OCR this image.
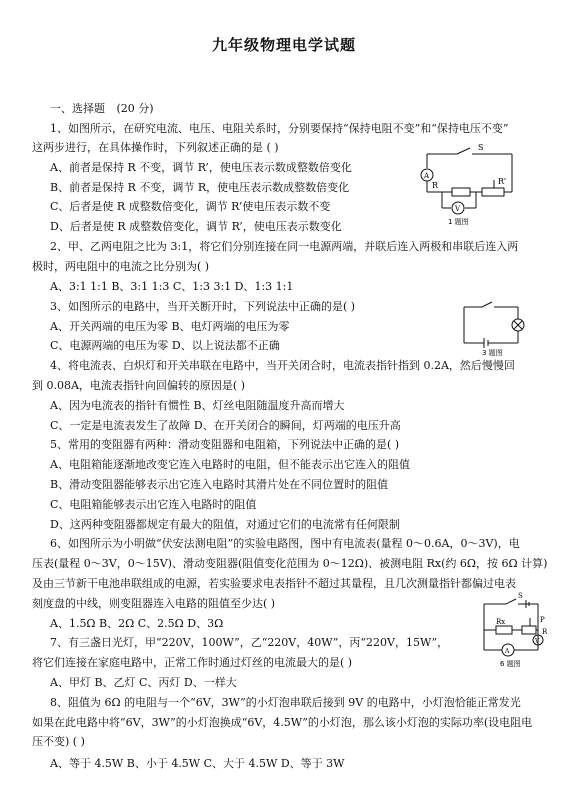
九年级物理电学试题
一、选择题 (20 分)
1、如图所示，在研究电流、电压、电阻关系时，分别要保持“保持电阻不变”和“保持电压不变”
这两步进行，在具体操作时，下列叙述正确的是 ( )
A、前者是保持 R 不变，调节 R’，使电压表示数成整数倍变化
B、前者是保持 R 不变，调节 R，使电压表示数成整数倍变化
C、后者是使 R 成整数倍变化，调节 R’使电压表示数不变
D、后者是使 R 成整数倍变化，调节 R’，使电压表示数变化
2、甲、乙两电阻之比为 3:1，将它们分别连接在同一电源两端，并联后连入两极和串联后连入两
极时，两电阻中的电流之比分别为( )
A、3:1 1:1 B、3:1 1:3 C、1:3 3:1 D、1:3 1:1
3、如图所示的电路中，当开关断开时，下列说法中正确的是( )
A、开关两端的电压为零 B、电灯两端的电压为零
C、电源两端的电压为零 D、以上说法都不正确
4、将电流表、白炽灯和开关串联在电路中，当开关闭合时，电流表指针指到 0.2A，然后慢慢回
到 0.08A，电流表指针向回偏转的原因是( )
A、因为电流表的指针有惯性 B、灯丝电阻随温度升高而增大
C、一定是电流表发生了故障 D、在开关闭合的瞬间，灯两端的电压升高
5、常用的变阻器有两种：滑动变阻器和电阻箱，下列说法中正确的是( )
A、电阻箱能逐渐地改变它连入电路时的电阻，但不能表示出它连入的阻值
B、滑动变阻器能够表示出它连入电路时其滑片处在不同位置时的阻值
C、电阻箱能够表示出它连入电路时的阻值
D、这两种变阻器都规定有最大的阻值，对通过它们的电流常有任何限制
6、如图所示为小明做“伏安法测电阻”的实验电路图，图中有电流表(量程 0～0.6A，0～3V)，电
压表(量程 0～3V，0～15V)、滑动变阻器(阻值变化范围为 0～12Ω)、被测电阻 Rx(约 6Ω，按 6Ω 计算)
及由三节新干电池串联组成的电源，若实验要求电表指针不超过其量程，且几次测量指针都偏过电表
刻度盘的中线，则变阻器连入电路的阻值至少达( )
A、1.5Ω B、2Ω C、2.5Ω D、3Ω
7、有三盏日光灯，甲“220V，100W”，乙“220V，40W”，丙“220V，15W”，
将它们连接在家庭电路中，正常工作时通过灯丝的电流最大的是( )
A、甲灯 B、乙灯 C、丙灯 D、一样大
8、阻值为 6Ω 的电阻与一个“6V，3W”的小灯泡串联后接到 9V 的电路中，小灯泡恰能正常发光
如果在此电路中将“6V，3W”的小灯泡换成“6V，4.5W”的小灯泡，那么该小灯泡的实际功率(设电阻电
压不变) ( )
A、等于 4.5W B、小于 4.5W C、大于 4.5W D、等于 3W
S
A
R	R’
V
1 题图
3 题图
S
Rx	P
R
V
A
6 题图
